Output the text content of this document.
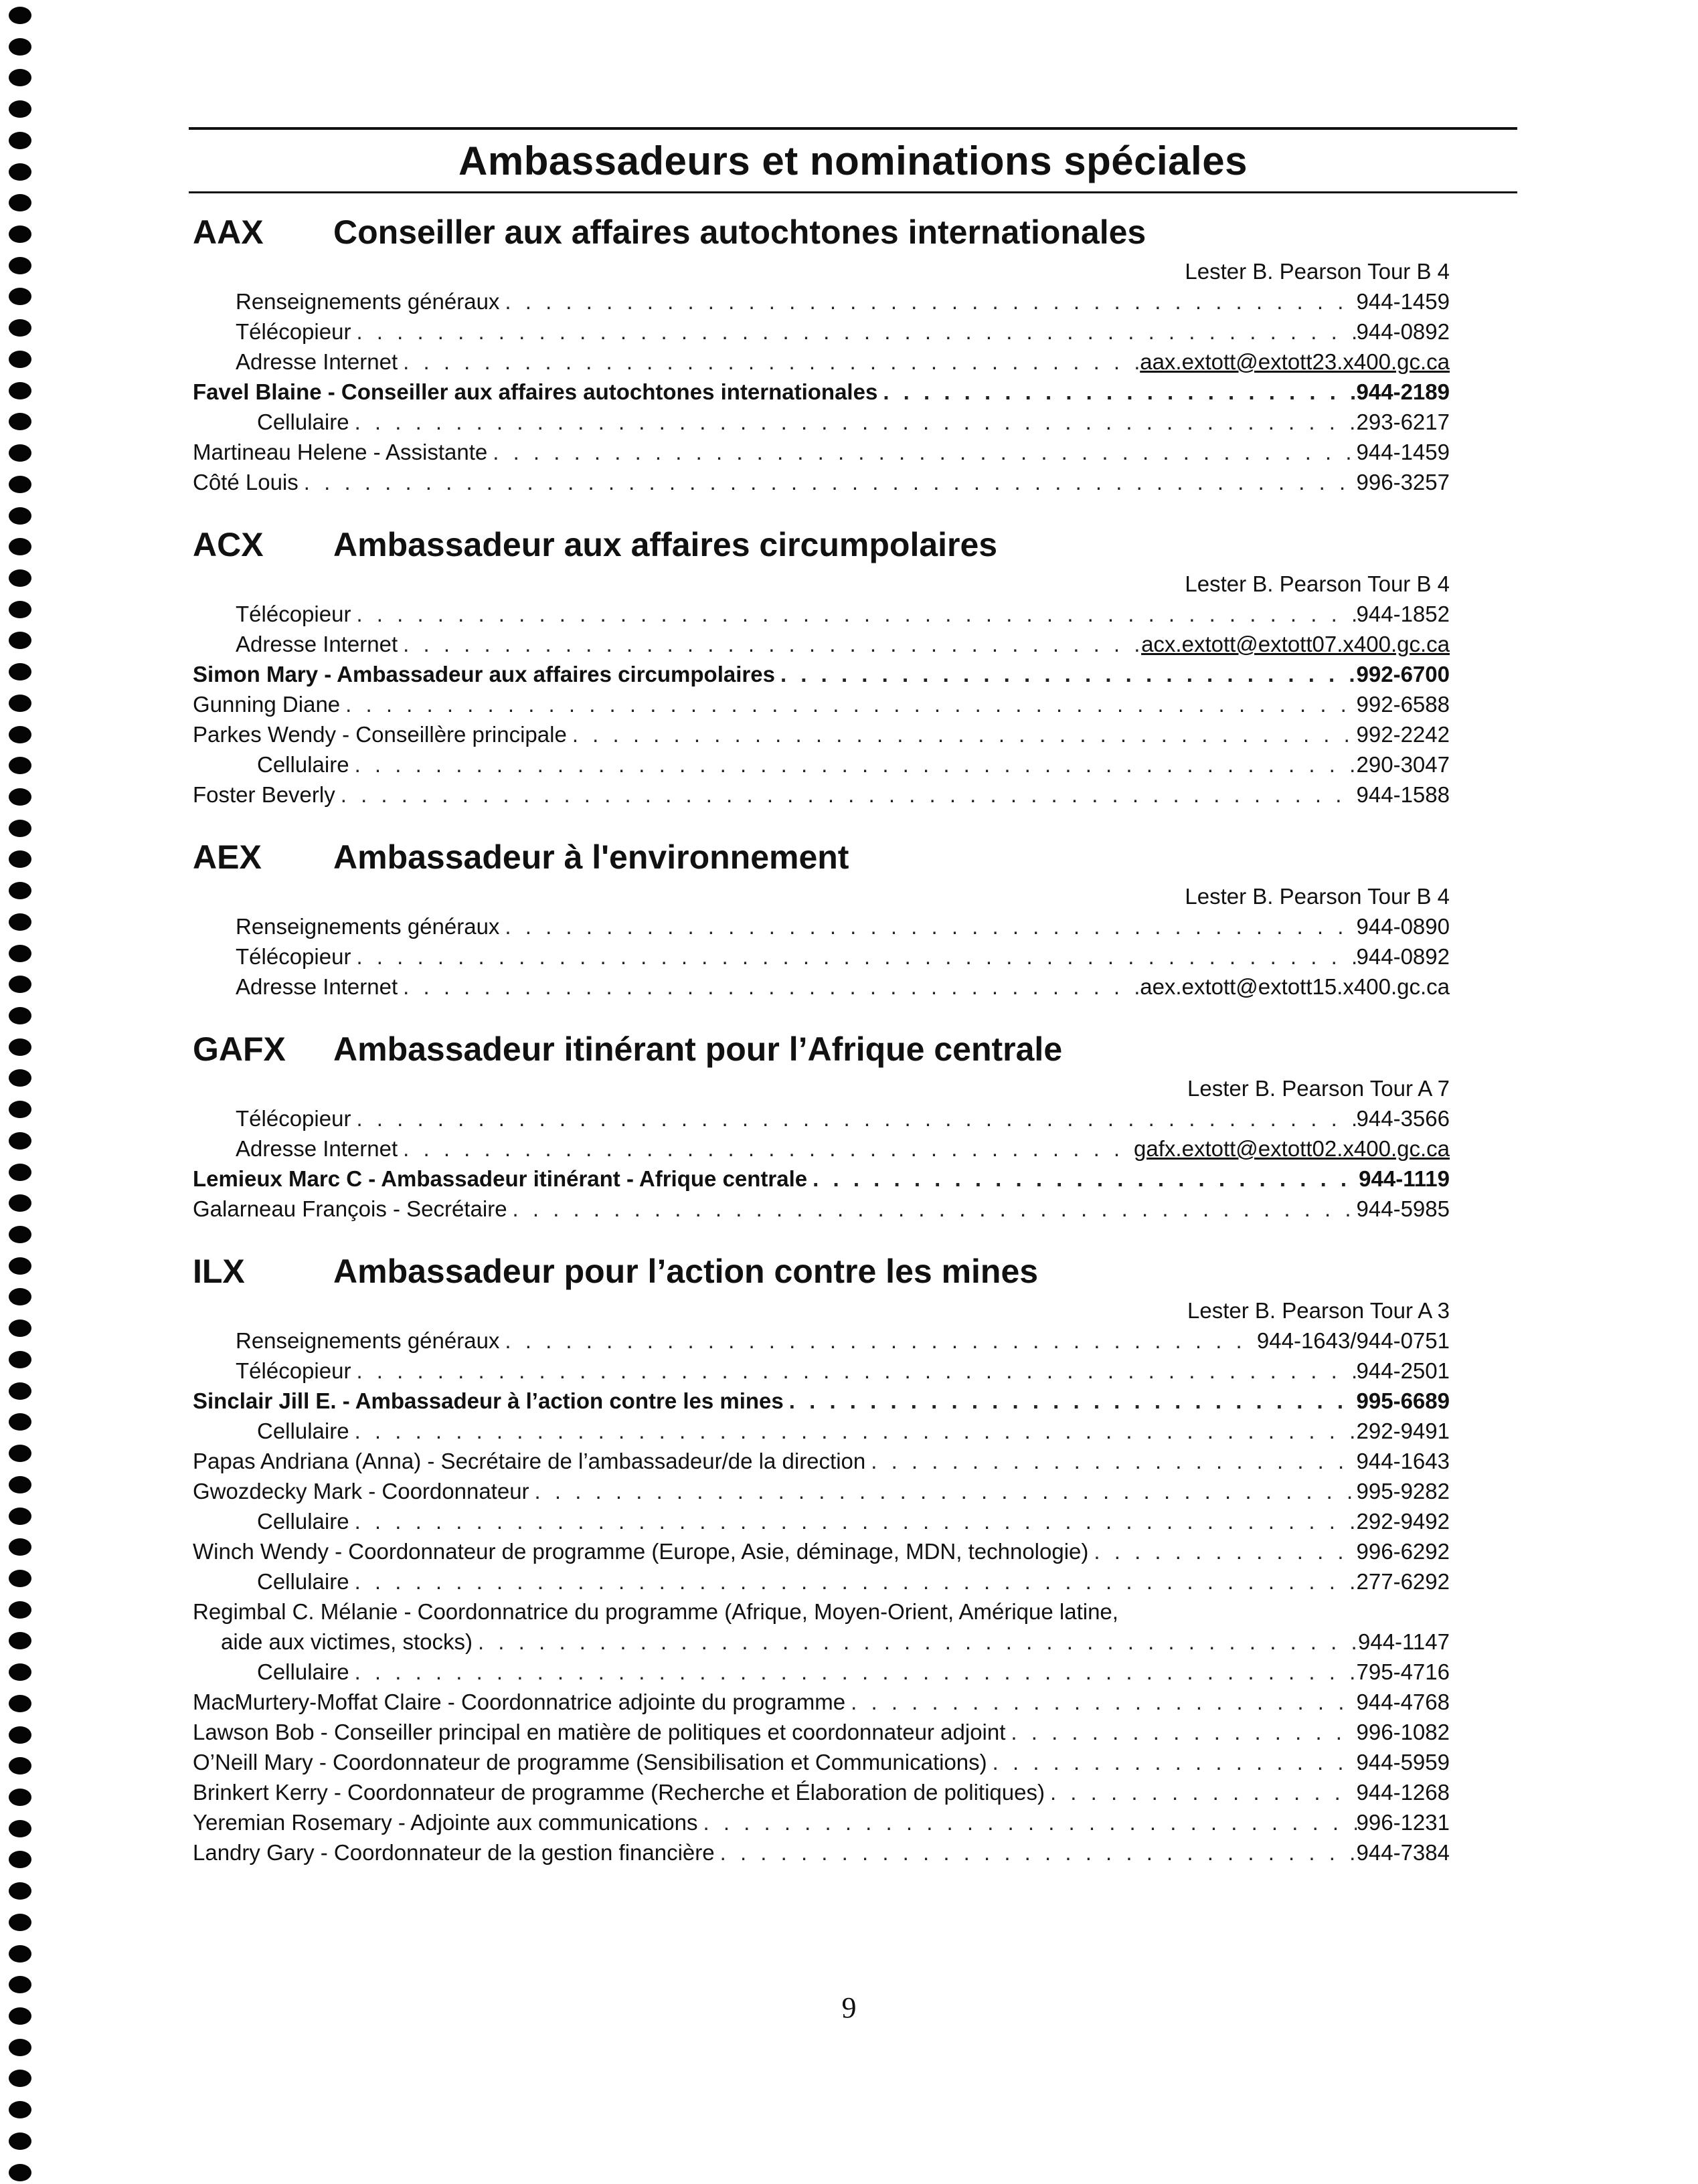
Ambassadeurs et nominations spéciales
AAX	Conseiller aux affaires autochtones internationales
Lester B. Pearson Tour B 4
Renseignements généraux . . .	944-1459
Télécopieur . . .	944-0892
Adresse Internet . . .	aax.extott@extott23.x400.gc.ca
Favel Blaine - Conseiller aux affaires autochtones internationales . . .	944-2189
Cellulaire . . .	293-6217
Martineau Helene - Assistante . . .	944-1459
Côté Louis . . .	996-3257
ACX	Ambassadeur aux affaires circumpolaires
Lester B. Pearson Tour B 4
Télécopieur . . .	944-1852
Adresse Internet . . .	acx.extott@extott07.x400.gc.ca
Simon Mary - Ambassadeur aux affaires circumpolaires . . .	992-6700
Gunning Diane . . .	992-6588
Parkes Wendy - Conseillère principale . . .	992-2242
Cellulaire . . .	290-3047
Foster Beverly . . .	944-1588
AEX	Ambassadeur à l'environnement
Lester B. Pearson Tour B 4
Renseignements généraux . . .	944-0890
Télécopieur . . .	944-0892
Adresse Internet . . .	aex.extott@extott15.x400.gc.ca
GAFX	Ambassadeur itinérant pour l’Afrique centrale
Lester B. Pearson Tour A 7
Télécopieur . . .	944-3566
Adresse Internet . . .	gafx.extott@extott02.x400.gc.ca
Lemieux Marc C - Ambassadeur itinérant - Afrique centrale . . .	944-1119
Galarneau François - Secrétaire . . .	944-5985
ILX	Ambassadeur pour l’action contre les mines
Lester B. Pearson Tour A 3
Renseignements généraux . . .	944-1643/944-0751
Télécopieur . . .	944-2501
Sinclair Jill E. - Ambassadeur à l’action contre les mines . . .	995-6689
Cellulaire . . .	292-9491
Papas Andriana (Anna) - Secrétaire de l’ambassadeur/de la direction . . .	944-1643
Gwozdecky Mark - Coordonnateur . . .	995-9282
Cellulaire . . .	292-9492
Winch Wendy - Coordonnateur de programme (Europe, Asie, déminage, MDN, technologie) . . .	996-6292
Cellulaire . . .	277-6292
Regimbal C. Mélanie - Coordonnatrice du programme (Afrique, Moyen-Orient, Amérique latine,
aide aux victimes, stocks) . . .	944-1147
Cellulaire . . .	795-4716
MacMurtery-Moffat Claire - Coordonnatrice adjointe du programme . . .	944-4768
Lawson Bob - Conseiller principal en matière de politiques et coordonnateur adjoint . . .	996-1082
O’Neill Mary - Coordonnateur de programme (Sensibilisation et Communications) . . .	944-5959
Brinkert Kerry - Coordonnateur de programme (Recherche et Élaboration de politiques) . . .	944-1268
Yeremian Rosemary - Adjointe aux communications . . .	996-1231
Landry Gary - Coordonnateur de la gestion financière . . .	944-7384
9
